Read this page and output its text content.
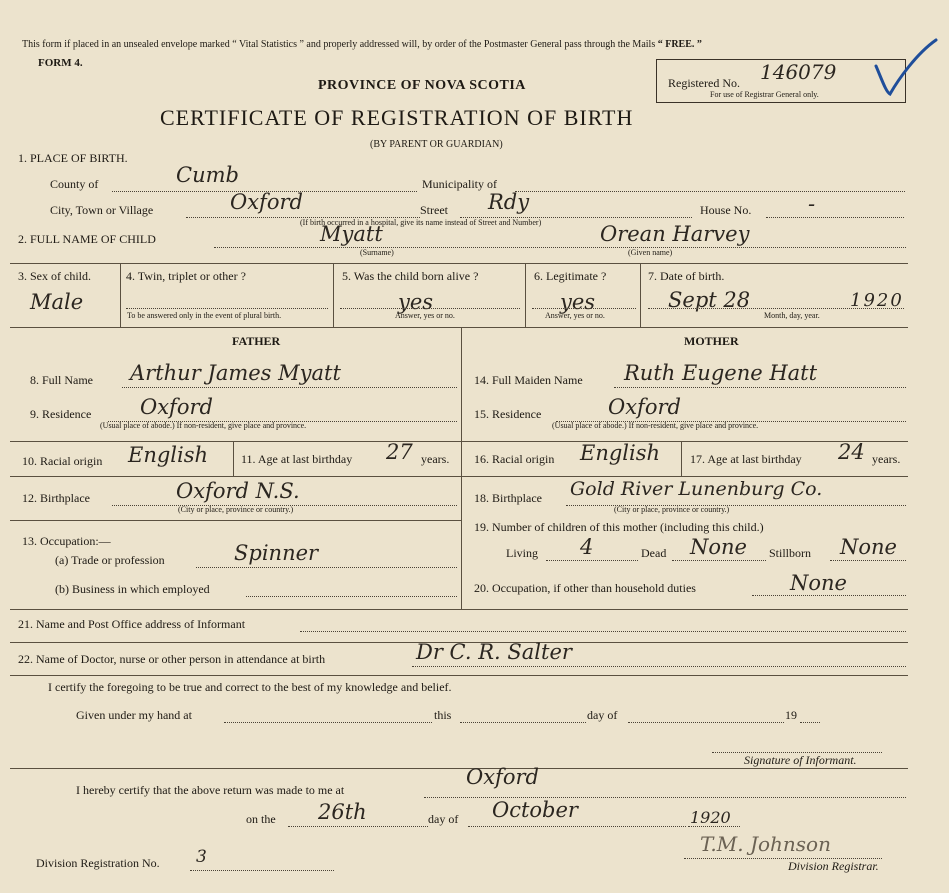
This form if placed in an unsealed envelope marked “ Vital Statistics ” and properly addressed will, by order of the Postmaster General pass through the Mails “ FREE. ”
FORM 4.
PROVINCE OF NOVA SCOTIA
CERTIFICATE OF REGISTRATION OF BIRTH
(BY PARENT OR GUARDIAN)
Registered No. 146079
For use of Registrar General only.
1. PLACE OF BIRTH.
County of	Cumb	Municipality of
City, Town or Village	Oxford	Street Rdy
(If birth occurred in a hospital, give its name instead of Street and Number)
House No.	-
2. FULL NAME OF CHILD	Myatt
(Surname)
Orean Harvey
(Given name)
3. Sex of child.
Male
4. Twin, triplet or other ?
To be answered only in the event of plural birth.
5. Was the child born alive ?
yes
Answer, yes or no.
6. Legitimate ?
yes
Answer, yes or no.
7. Date of birth.
Sept 28	1920
Month, day, year.
FATHER	MOTHER
8. Full Name Arthur James Myatt
9. Residence Oxford
(Usual place of abode.) If non-resident, give place and province.
10. Racial origin English	11. Age at last birthday 27 years.
12. Birthplace	Oxford N.S.
(City or place, province or country.)
13. Occupation:—
(a) Trade or profession	Spinner
(b) Business in which employed
14. Full Maiden Name Ruth Eugene Hatt
15. Residence	Oxford
(Usual place of abode.) If non-resident, give place and province.
16. Racial origin English 17. Age at last birthday 24 years.
18. Birthplace Gold River Lunenburg Co.
(City or place, province or country.)
19. Number of children of this mother (including this child.)
Living 4	Dead None Stillborn None
20. Occupation, if other than household duties	None
21. Name and Post Office address of Informant
22. Name of Doctor, nurse or other person in attendance at birth	Dr C. R. Salter
I certify the foregoing to be true and correct to the best of my knowledge and belief.
Given under my hand at	this	day of	19
Signature of Informant.
I hereby certify that the above return was made to me at
Oxford
on the 26th	day of October	1920
Division Registration No. 3
T.M. Johnson
Division Registrar.
